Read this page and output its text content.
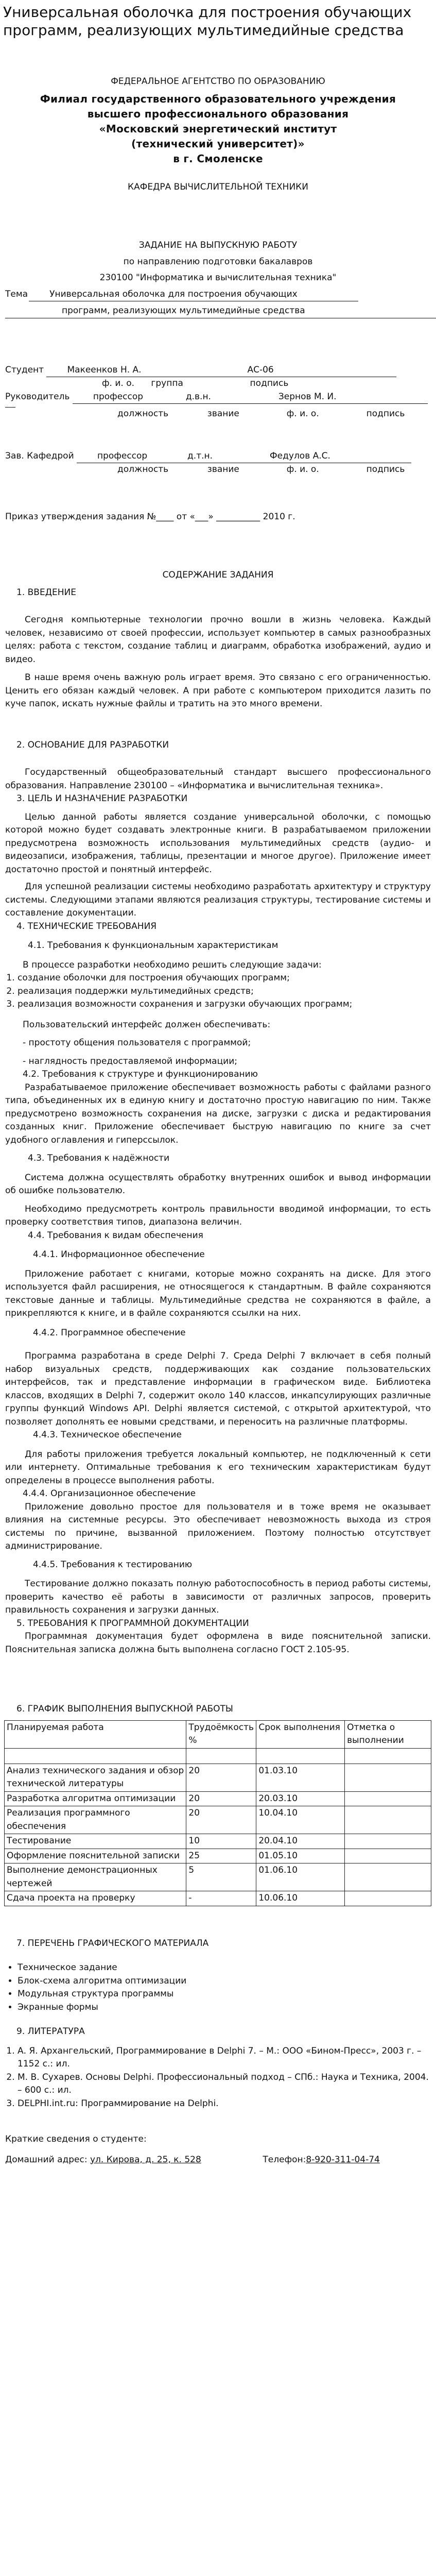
Универсальная оболочка для построения обучающих программ, реализующих мультимедийные средства

ФЕДЕРАЛЬНОЕ АГЕНТСТВО ПО ОБРАЗОВАНИЮ

Филиал государственного образовательного учреждения
высшего профессионального образования
«Московский энергетический институт
(технический университет)»
в г. Смоленске

КАФЕДРА ВЫЧИСЛИТЕЛЬНОЙ ТЕХНИКИ

ЗАДАНИЕ НА ВЫПУСКНУЮ РАБОТУ

по направлению подготовки бакалавров

230100 "Информатика и вычислительная техника"

Тема Универсальная оболочка для построения обучающих

программ, реализующих мультимедийные средства

Студент	Макеенков Н. А.	АС-06

ф. и. о.      группа                        подпись

Руководитель	профессор	д.в.н.	Зернов М. И.

должность              звание                 ф. и. о.                 подпись

Зав. Кафедрой	профессор	д.т.н.	Федулов А.С.

должность              звание                 ф. и. о.                 подпись

Приказ утверждения задания №____ от «___» __________ 2010 г.

СОДЕРЖАНИЕ ЗАДАНИЯ

1. ВВЕДЕНИЕ

Сегодня компьютерные технологии прочно вошли в жизнь человека. Каждый человек, независимо от своей профессии, использует компьютер в самых разнообразных целях: работа с текстом, создание таблиц и диаграмм, обработка изображений, аудио и видео.

В наше время очень важную роль играет время. Это связано с его ограниченностью. Ценить его обязан каждый человек. А при работе с компьютером приходится лазить по куче папок, искать нужные файлы и тратить на это много времени.

2. ОСНОВАНИЕ ДЛЯ РАЗРАБОТКИ

Государственный общеобразовательный стандарт высшего профессионального образования. Направление 230100 – «Информатика и вычислительная техника».

3. ЦЕЛЬ И НАЗНАЧЕНИЕ РАЗРАБОТКИ

Целью данной работы является создание универсальной оболочки, с помощью которой можно будет создавать электронные книги. В разрабатываемом приложении предусмотрена возможность использования мультимедийных средств (аудио- и видеозаписи, изображения, таблицы, презентации и многое другое). Приложение имеет достаточно простой и понятный интерфейс.

Для успешной реализации системы необходимо разработать архитектуру и структуру системы. Следующими этапами являются реализация структуры, тестирование системы и составление документации.

4. ТЕХНИЧЕСКИЕ ТРЕБОВАНИЯ

4.1. Требования к функциональным характеристикам

В процессе разработки необходимо решить следующие задачи:

1. создание оболочки для построения обучающих программ;
2. реализация поддержки мультимедийных средств;
3. реализация возможности сохранения и загрузки обучающих программ;

Пользовательский интерфейс должен обеспечивать:

- простоту общения пользователя с программой;

- наглядность предоставляемой информации;

4.2. Требования к структуре и функционированию

Разрабатываемое приложение обеспечивает возможность работы с файлами разного типа, объединенных их в единую книгу и достаточно простую навигацию по ним. Также предусмотрено возможность сохранения на диске, загрузки с диска и редактирования созданных книг. Приложение обеспечивает быструю навигацию по книге за счет удобного оглавления и гиперссылок.

4.3. Требования к надёжности

Система должна осуществлять обработку внутренних ошибок и вывод информации об ошибке пользователю.

Необходимо предусмотреть контроль правильности вводимой информации, то есть проверку соответствия типов, диапазона величин.

4.4. Требования к видам обеспечения

4.4.1. Информационное обеспечение

Приложение работает с книгами, которые можно сохранять на диске. Для этого используется файл расширения, не относящегося к стандартным. В файле сохраняются текстовые данные и таблицы. Мультимедийные средства не сохраняются в файле, а прикрепляются к книге, и в файле сохраняются ссылки на них.

4.4.2. Программное обеспечение

Программа разработана в среде Delphi 7. Среда Delphi 7 включает в себя полный набор визуальных средств, поддерживающих как создание пользовательских интерфейсов, так и представление информации в графическом виде. Библиотека классов, входящих в Delphi 7, содержит около 140 классов, инкапсулирующих различные группы функций Windows API. Delphi является системой, с открытой архитектурой, что позволяет дополнять ее новыми средствами, и переносить на различные платформы.

4.4.3. Техническое обеспечение

Для работы приложения требуется локальный компьютер, не подключенный к сети или интернету. Оптимальные требования к его техническим характеристикам будут определены в процессе выполнения работы.

4.4.4. Организационное обеспечение

Приложение довольно простое для пользователя и в тоже время не оказывает влияния на системные ресурсы. Это обеспечивает невозможность выхода из строя системы по причине, вызванной приложением. Поэтому полностью отсутствует администрирование.

4.4.5. Требования к тестированию

Тестирование должно показать полную работоспособность в период работы системы, проверить качество её работы в зависимости от различных запросов, проверить правильность сохранения и загрузки данных.

5. ТРЕБОВАНИЯ К ПРОГРАММНОЙ ДОКУМЕНТАЦИИ

Программная документация будет оформлена в виде пояснительной записки. Пояснительная записка должна быть выполнена согласно ГОСТ 2.105-95.

6. ГРАФИК ВЫПОЛНЕНИЯ ВЫПУСКНОЙ РАБОТЫ

Планируемая работа	Трудоёмкость %	Срок выполнения	Отметка о выполнении

Анализ технического задания и обзор технической литературы	20	01.03.10	
Разработка алгоритма оптимизации	20	20.03.10	
Реализация программного обеспечения	20	10.04.10	
Тестирование	10	20.04.10	
Оформление пояснительной записки	25	01.05.10	
Выполнение демонстрационных чертежей	5	01.06.10	
Сдача проекта на проверку	-	10.06.10	

7. ПЕРЕЧЕНЬ ГРАФИЧЕСКОГО МАТЕРИАЛА

• Техническое задание
• Блок-схема алгоритма оптимизации
• Модульная структура программы
• Экранные формы

9. ЛИТЕРАТУРА

1. А. Я. Архангельский, Программирование в Delphi 7. – М.: ООО «Бином-Пресс», 2003 г. – 1152 с.: ил.
2. М. В. Сухарев. Основы Delphi. Профессиональный подход – СПб.: Наука и Техника, 2004. – 600 с.: ил.
3. DELPHI.int.ru: Программирование на Delphi.

Краткие сведения о студенте:

Домашний адрес: ул. Кирова, д. 25, к. 528	Телефон:8-920-311-04-74
